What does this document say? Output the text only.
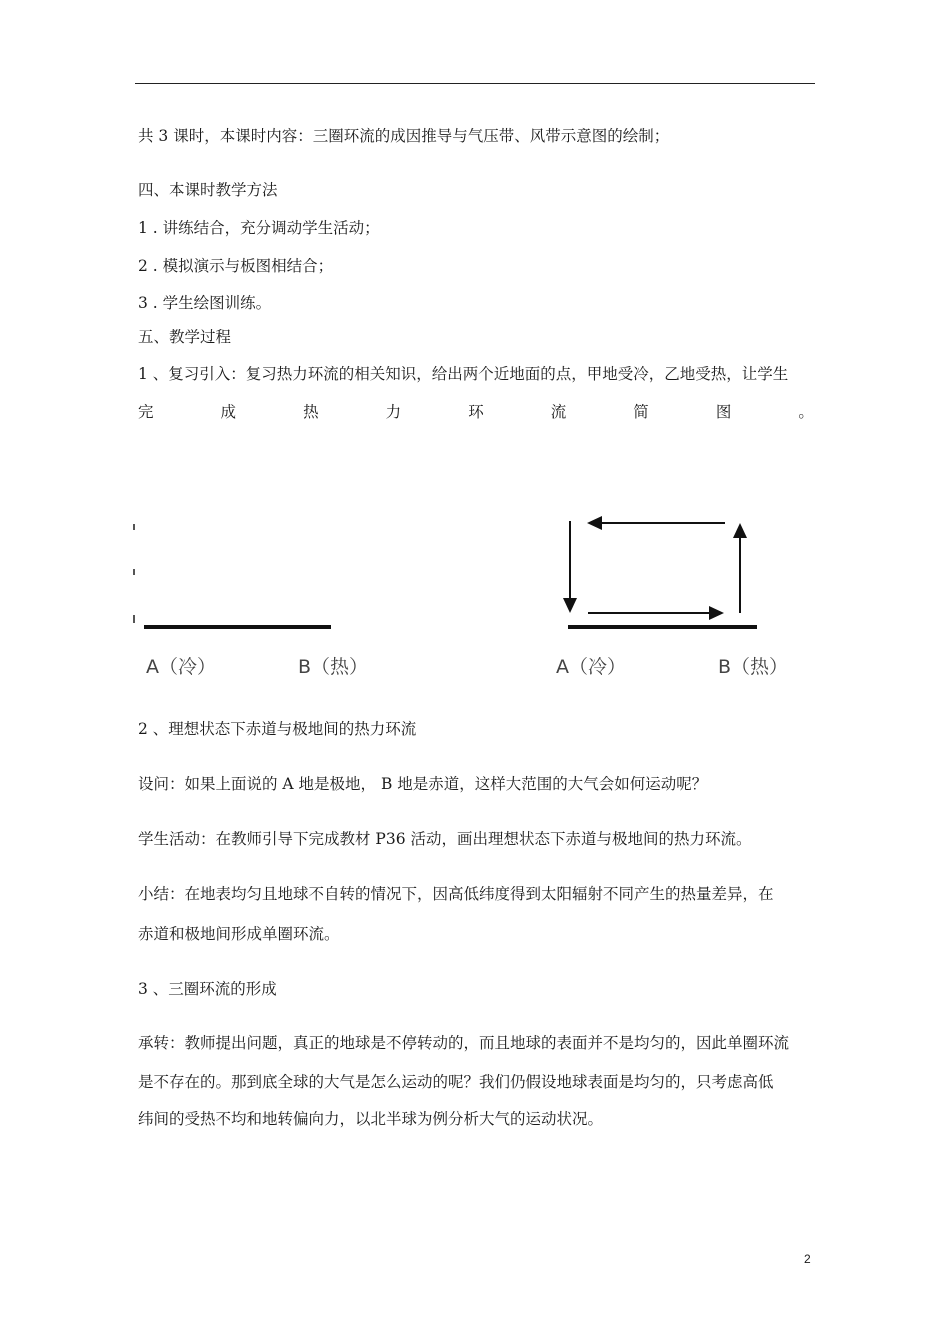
共 3 课时，本课时内容：三圈环流的成因推导与气压带、风带示意图的绘制；
四、本课时教学方法
1 . 讲练结合，充分调动学生活动；
2 . 模拟演示与板图相结合；
3 . 学生绘图训练。
五、教学过程
1 、复习引入：复习热力环流的相关知识，给出两个近地面的点，甲地受冷，乙地受热，让学生
完	成	热	力	环	流	简	图	。
A（冷）	B（热）	A（冷）	B（热）
2 、理想状态下赤道与极地间的热力环流
设问：如果上面说的 A 地是极地， B 地是赤道，这样大范围的大气会如何运动呢？
学生活动：在教师引导下完成教材 P36 活动，画出理想状态下赤道与极地间的热力环流。
小结：在地表均匀且地球不自转的情况下，因高低纬度得到太阳辐射不同产生的热量差异，在
赤道和极地间形成单圈环流。
3 、三圈环流的形成
承转：教师提出问题，真正的地球是不停转动的，而且地球的表面并不是均匀的，因此单圈环流
是不存在的。那到底全球的大气是怎么运动的呢？我们仍假设地球表面是均匀的，只考虑高低
纬间的受热不均和地转偏向力，以北半球为例分析大气的运动状况。
2
